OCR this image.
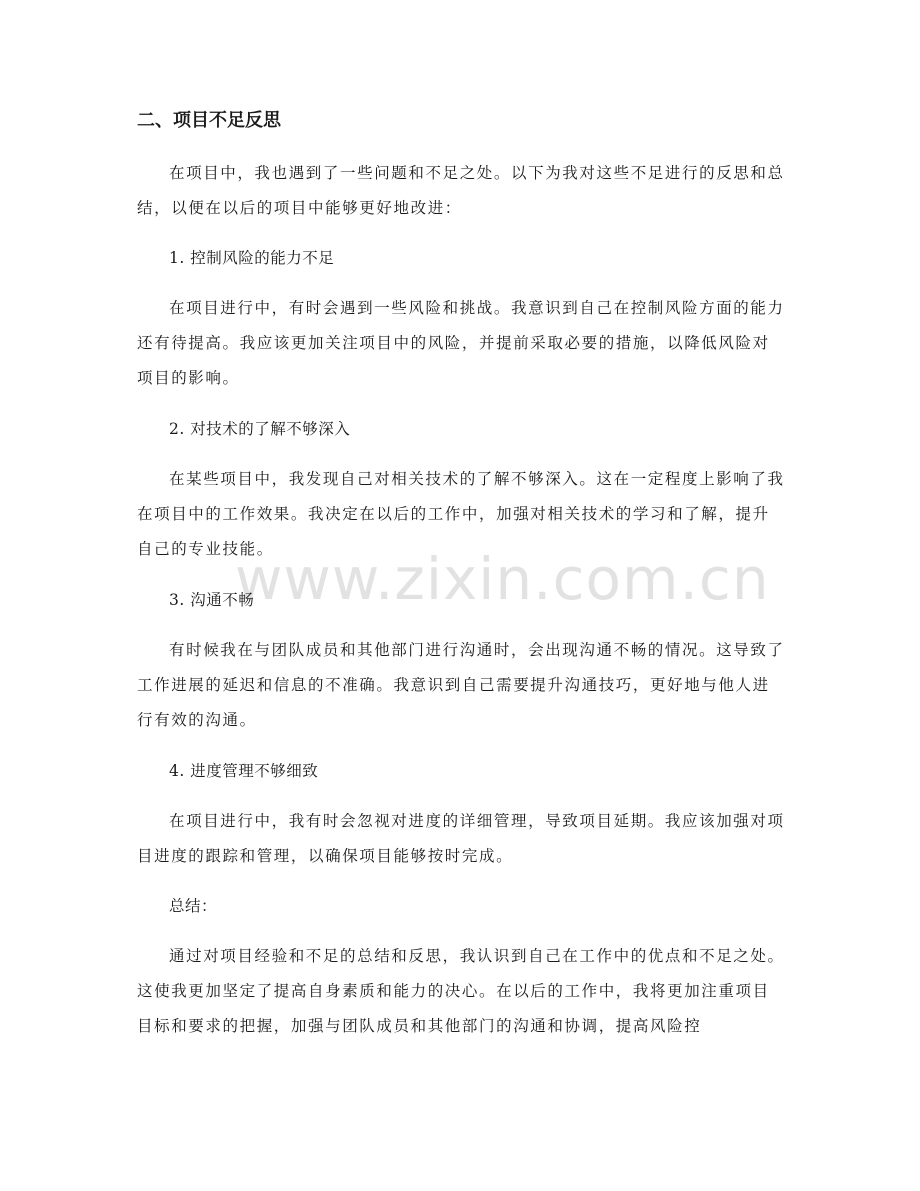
二、项目不足反思

在项目中，我也遇到了一些问题和不足之处。以下为我对这些不足进行的反思和总结，以便在以后的项目中能够更好地改进：

1. 控制风险的能力不足

在项目进行中，有时会遇到一些风险和挑战。我意识到自己在控制风险方面的能力还有待提高。我应该更加关注项目中的风险，并提前采取必要的措施，以降低风险对项目的影响。

2. 对技术的了解不够深入

在某些项目中，我发现自己对相关技术的了解不够深入。这在一定程度上影响了我在项目中的工作效果。我决定在以后的工作中，加强对相关技术的学习和了解，提升自己的专业技能。

www.zixin.com.cn

3. 沟通不畅

有时候我在与团队成员和其他部门进行沟通时，会出现沟通不畅的情况。这导致了工作进展的延迟和信息的不准确。我意识到自己需要提升沟通技巧，更好地与他人进行有效的沟通。

4. 进度管理不够细致

在项目进行中，我有时会忽视对进度的详细管理，导致项目延期。我应该加强对项目进度的跟踪和管理，以确保项目能够按时完成。

总结：

通过对项目经验和不足的总结和反思，我认识到自己在工作中的优点和不足之处。这使我更加坚定了提高自身素质和能力的决心。在以后的工作中，我将更加注重项目目标和要求的把握，加强与团队成员和其他部门的沟通和协调，提高风险控
